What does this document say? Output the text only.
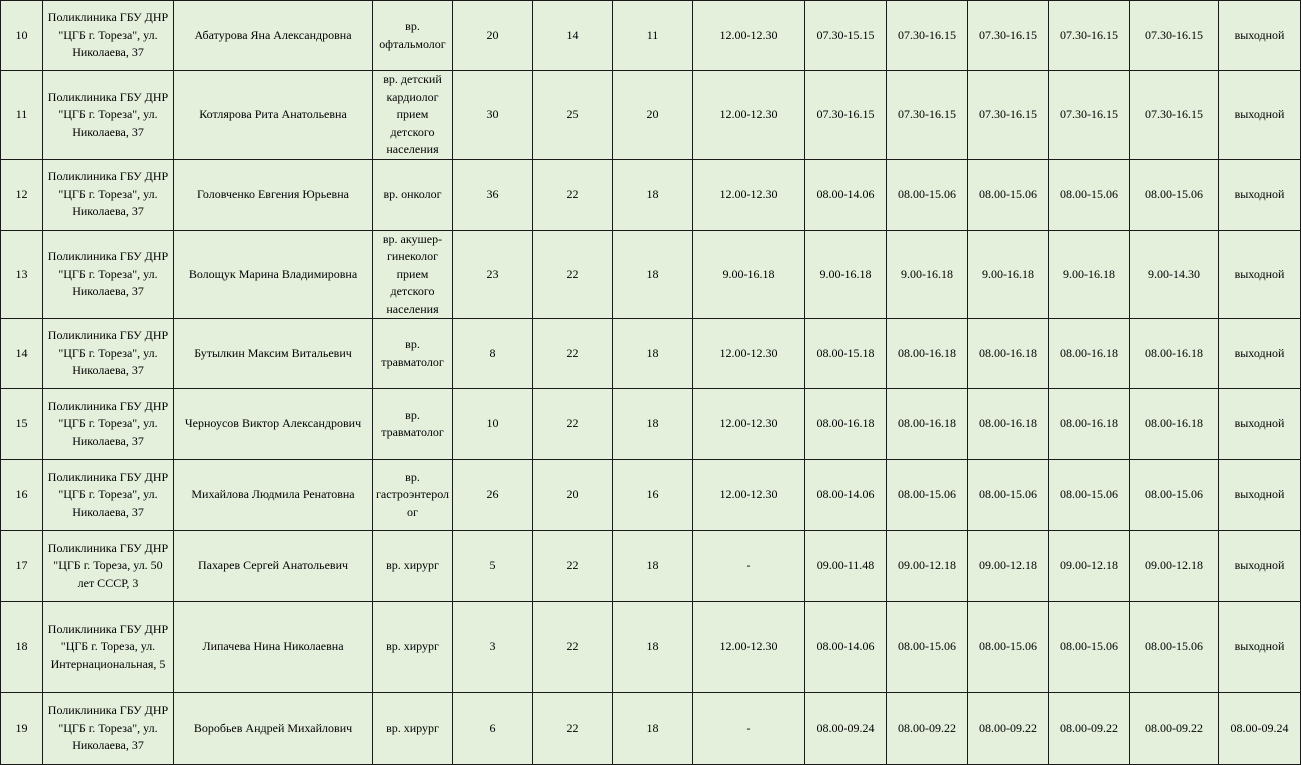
10	Поликлиника ГБУ ДНР "ЦГБ г. Тореза", ул. Николаева, 37	Абатурова Яна Александровна	вр. офтальмолог	20	14	11	12.00-12.30	07.30-15.15	07.30-16.15	07.30-16.15	07.30-16.15	07.30-16.15	выходной
11	Поликлиника ГБУ ДНР "ЦГБ г. Тореза", ул. Николаева, 37	Котлярова Рита Анатольевна	вр. детский кардиолог прием детского населения	30	25	20	12.00-12.30	07.30-16.15	07.30-16.15	07.30-16.15	07.30-16.15	07.30-16.15	выходной
12	Поликлиника ГБУ ДНР "ЦГБ г. Тореза", ул. Николаева, 37	Головченко Евгения Юрьевна	вр. онколог	36	22	18	12.00-12.30	08.00-14.06	08.00-15.06	08.00-15.06	08.00-15.06	08.00-15.06	выходной
13	Поликлиника ГБУ ДНР "ЦГБ г. Тореза", ул. Николаева, 37	Волощук Марина Владимировна	вр. акушер-гинеколог прием детского населения	23	22	18	9.00-16.18	9.00-16.18	9.00-16.18	9.00-16.18	9.00-16.18	9.00-14.30	выходной
14	Поликлиника ГБУ ДНР "ЦГБ г. Тореза", ул. Николаева, 37	Бутылкин Максим Витальевич	вр. травматолог	8	22	18	12.00-12.30	08.00-15.18	08.00-16.18	08.00-16.18	08.00-16.18	08.00-16.18	выходной
15	Поликлиника ГБУ ДНР "ЦГБ г. Тореза", ул. Николаева, 37	Черноусов Виктор Александрович	вр. травматолог	10	22	18	12.00-12.30	08.00-16.18	08.00-16.18	08.00-16.18	08.00-16.18	08.00-16.18	выходной
16	Поликлиника ГБУ ДНР "ЦГБ г. Тореза", ул. Николаева, 37	Михайлова Людмила Ренатовна	вр. гастроэнтеролог	26	20	16	12.00-12.30	08.00-14.06	08.00-15.06	08.00-15.06	08.00-15.06	08.00-15.06	выходной
17	Поликлиника ГБУ ДНР "ЦГБ г. Тореза, ул. 50 лет СССР, 3	Пахарев Сергей Анатольевич	вр. хирург	5	22	18	-	09.00-11.48	09.00-12.18	09.00-12.18	09.00-12.18	09.00-12.18	выходной
18	Поликлиника ГБУ ДНР "ЦГБ г. Тореза, ул. Интернациональная, 5	Липачева Нина Николаевна	вр. хирург	3	22	18	12.00-12.30	08.00-14.06	08.00-15.06	08.00-15.06	08.00-15.06	08.00-15.06	выходной
19	Поликлиника ГБУ ДНР "ЦГБ г. Тореза", ул. Николаева, 37	Воробьев Андрей Михайлович	вр. хирург	6	22	18	-	08.00-09.24	08.00-09.22	08.00-09.22	08.00-09.22	08.00-09.22	08.00-09.24
